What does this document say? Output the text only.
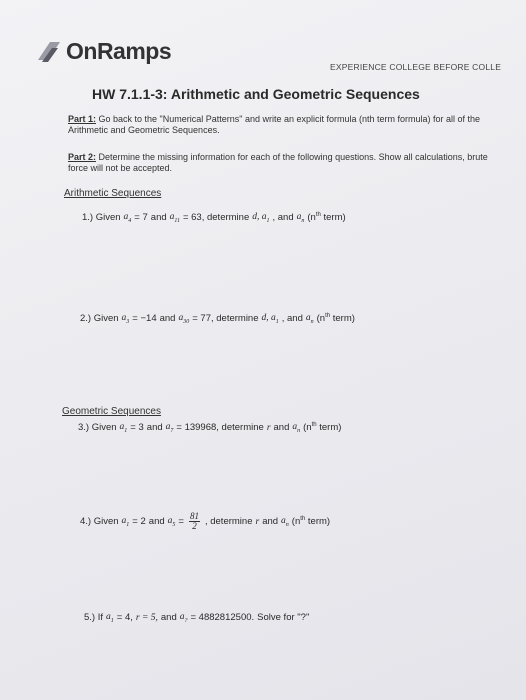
OnRamps
EXPERIENCE COLLEGE BEFORE COLLE
HW 7.1.1-3: Arithmetic and Geometric Sequences
Part 1: Go back to the "Numerical Patterns" and write an explicit formula (nth term formula) for all of the Arithmetic and Geometric Sequences.
Part 2: Determine the missing information for each of the following questions. Show all calculations, brute force will not be accepted.
Arithmetic Sequences
1.) Given $a_4 = 7$ and $a_{11} = 63$, determine d, $a_1$ , and $a_n$ ($n^{th}$ term)
2.) Given $a_3 = -14$ and $a_{30} = 77$, determine d, $a_1$ , and $a_n$ ($n^{th}$ term)
Geometric Sequences
3.) Given $a_1 = 3$ and $a_7 = 139968$, determine r and $a_n$ ($n^{th}$ term)
4.) Given $a_1 = 2$ and $a_5 = \frac{81}{2}$ , determine r and $a_n$ ($n^{th}$ term)
5.) If $a_1 = 4$, r = 5, and $a_? = 4882812500$. Solve for "?"
